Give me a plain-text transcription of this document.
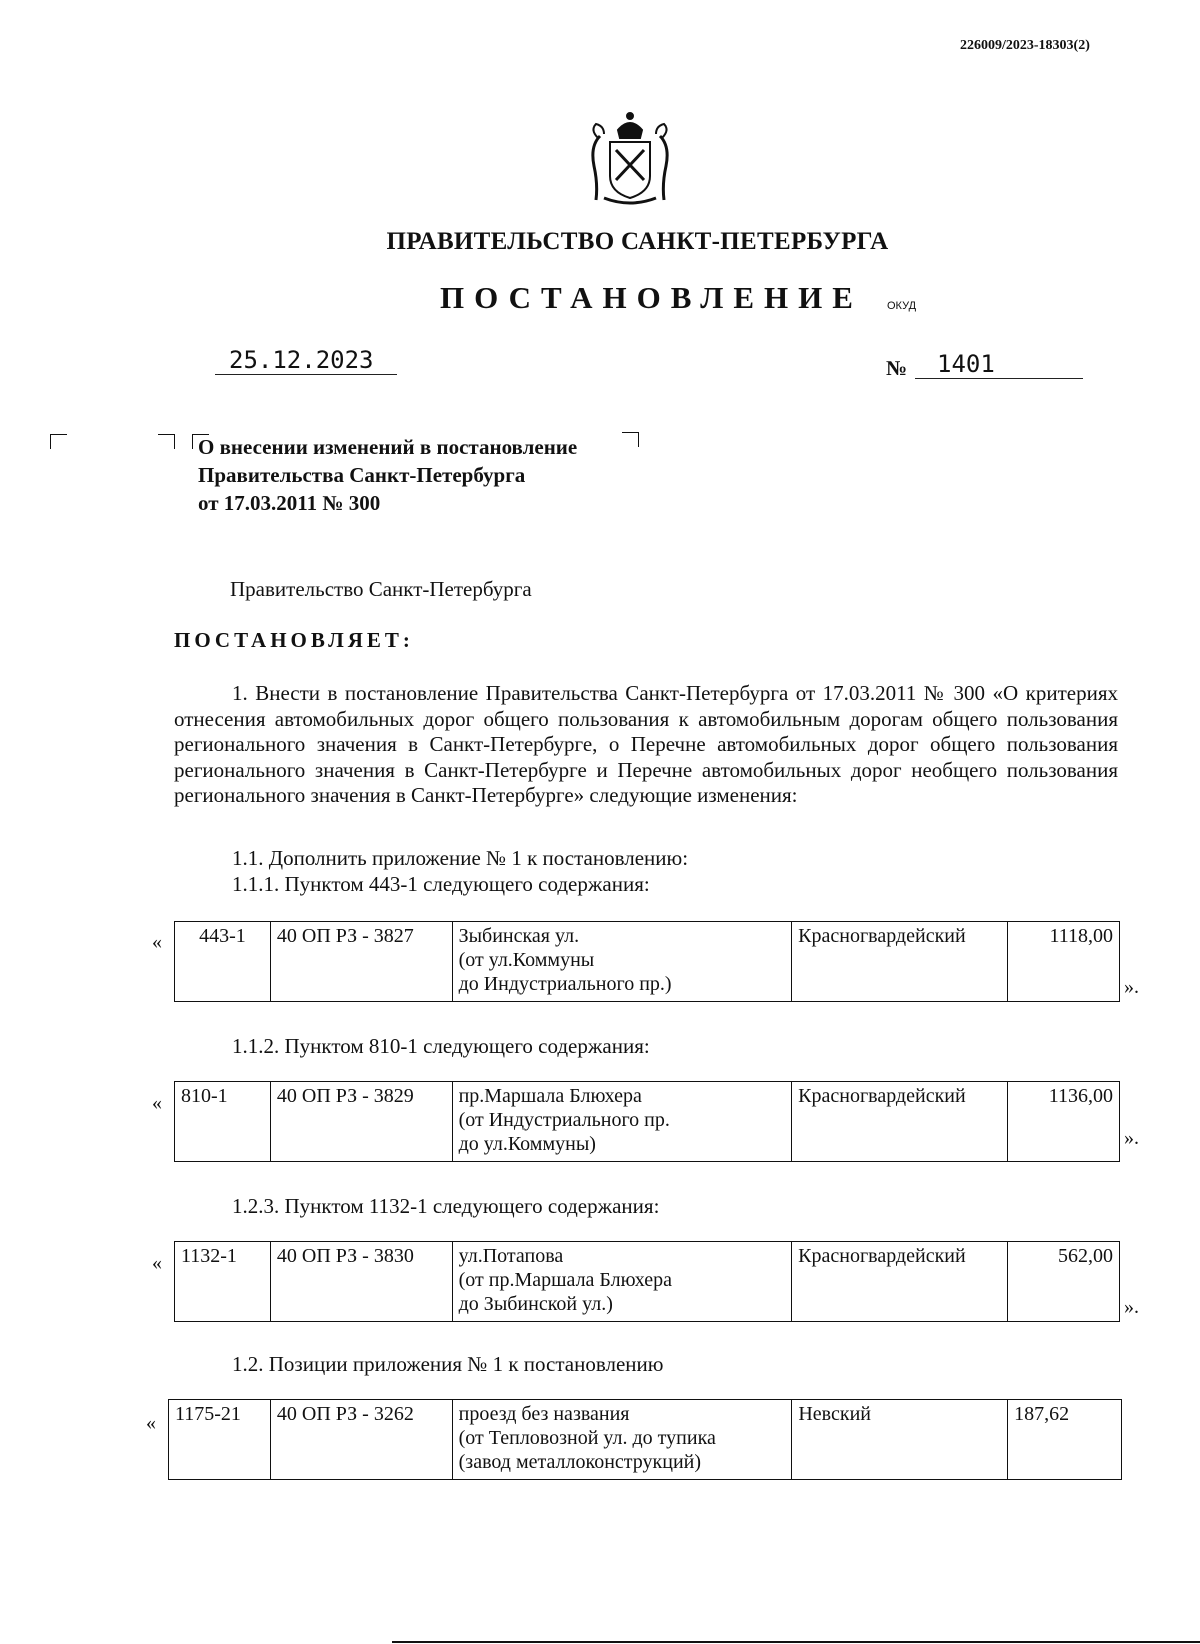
226009/2023-18303(2)
ПРАВИТЕЛЬСТВО САНКТ-ПЕТЕРБУРГА
ПОСТАНОВЛЕНИЕ ОКУД
25.12.2023	№	1401
О внесении изменений в постановление
Правительства Санкт-Петербурга
от 17.03.2011 № 300
Правительство Санкт-Петербурга
ПОСТАНОВЛЯЕТ:

1. Внести в постановление Правительства Санкт-Петербурга от 17.03.2011 № 300 «О критериях отнесения автомобильных дорог общего пользования к автомобильным дорогам общего пользования регионального значения в Санкт-Петербурге, о Перечне автомобильных дорог общего пользования регионального значения в Санкт-Петербурге и Перечне автомобильных дорог необщего пользования регионального значения в Санкт-Петербурге» следующие изменения:

1.1. Дополнить приложение № 1 к постановлению:
1.1.1. Пунктом 443-1 следующего содержания:
« 443-1	40 ОП РЗ - 3827	Зыбинская ул.
(от ул.Коммуны
до Индустриального пр.)
	Красногвардейский	1118,00
».
1.1.2. Пунктом 810-1 следующего содержания:
« 810-1	40 ОП РЗ - 3829	пр.Маршала Блюхера
(от Индустриального пр.
до ул.Коммуны)
	Красногвардейский	1136,00
».
1.2.3. Пунктом 1132-1 следующего содержания:
« 1132-1	40 ОП РЗ - 3830	ул.Потапова
(от пр.Маршала Блюхера
до Зыбинской ул.)
	Красногвардейский	562,00
».
1.2. Позиции приложения № 1 к постановлению
« 1175-21	40 ОП РЗ - 3262	проезд без названия
(от Тепловозной ул. до тупика
(завод металлоконструкций)
	Невский	187,62
